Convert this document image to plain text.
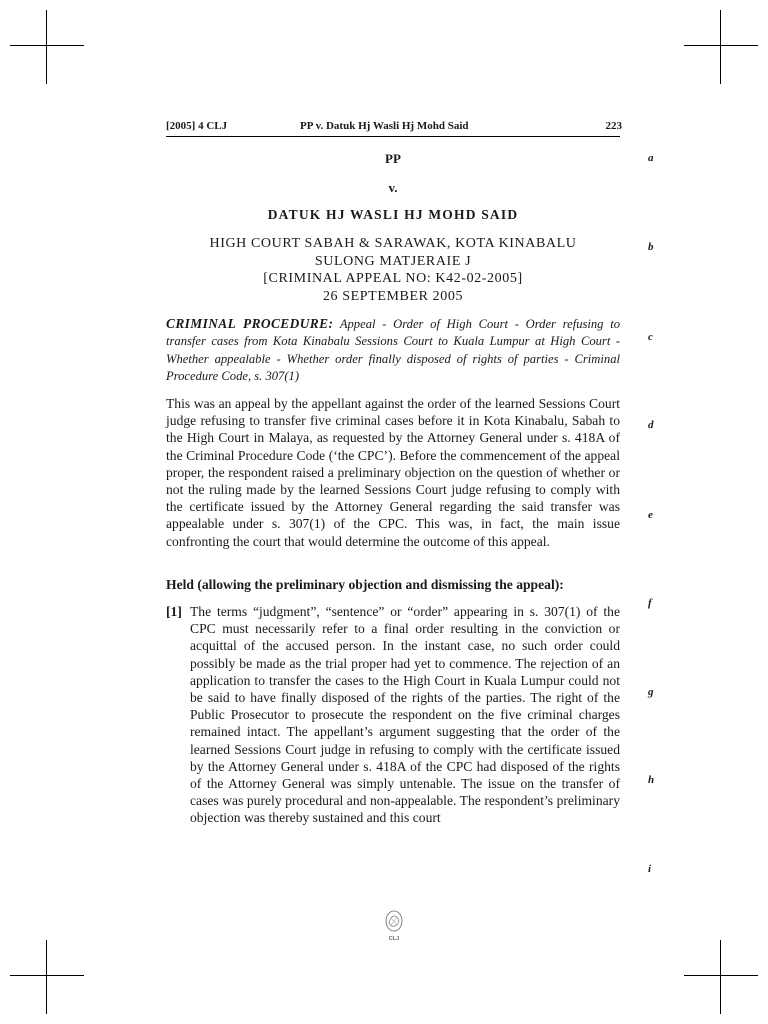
[2005] 4 CLJ	PP v. Datuk Hj Wasli Hj Mohd Said	223
PP
v.
DATUK HJ WASLI HJ MOHD SAID
HIGH COURT SABAH & SARAWAK, KOTA KINABALU
SULONG MATJERAIE J
[CRIMINAL APPEAL NO: K42-02-2005]
26 SEPTEMBER 2005
CRIMINAL PROCEDURE: Appeal - Order of High Court - Order refusing to transfer cases from Kota Kinabalu Sessions Court to Kuala Lumpur at High Court - Whether appealable - Whether order finally disposed of rights of parties - Criminal Procedure Code, s. 307(1)
This was an appeal by the appellant against the order of the learned Sessions Court judge refusing to transfer five criminal cases before it in Kota Kinabalu, Sabah to the High Court in Malaya, as requested by the Attorney General under s. 418A of the Criminal Procedure Code (‘the CPC’). Before the commencement of the appeal proper, the respondent raised a preliminary objection on the question of whether or not the ruling made by the learned Sessions Court judge refusing to comply with the certificate issued by the Attorney General regarding the said transfer was appealable under s. 307(1) of the CPC. This was, in fact, the main issue confronting the court that would determine the outcome of this appeal.
Held (allowing the preliminary objection and dismissing the appeal):
[1] The terms “judgment”, “sentence” or “order” appearing in s. 307(1) of the CPC must necessarily refer to a final order resulting in the conviction or acquittal of the accused person. In the instant case, no such order could possibly be made as the trial proper had yet to commence. The rejection of an application to transfer the cases to the High Court in Kuala Lumpur could not be said to have finally disposed of the rights of the parties. The right of the Public Prosecutor to prosecute the respondent on the five criminal charges remained intact. The appellant’s argument suggesting that the order of the learned Sessions Court judge in refusing to comply with the certificate issued by the Attorney General under s. 418A of the CPC had disposed of the rights of the Attorney General was simply untenable. The issue on the transfer of cases was purely procedural and non-appealable. The respondent’s preliminary objection was thereby sustained and this court
a
b
c
d
e
f
g
h
i
CLJ
